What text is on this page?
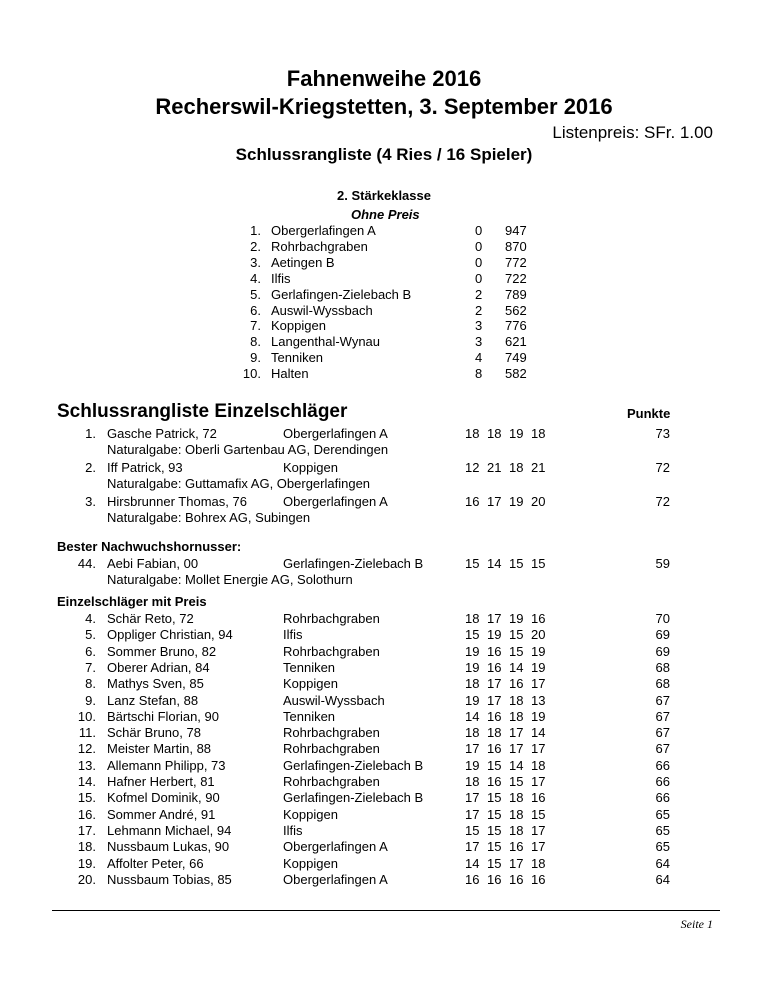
Fahnenweihe 2016
Recherswil-Kriegstetten, 3. September 2016
Listenpreis: SFr. 1.00
Schlussrangliste (4 Ries / 16 Spieler)
2. Stärkeklasse
Ohne Preis
1. Obergerlafingen A	0 947
2. Rohrbachgraben	0 870
3. Aetingen B	0 772
4. Ilfis	0 722
5. Gerlafingen-Zielebach B	2 789
6. Auswil-Wyssbach	2 562
7. Koppigen	3 776
8. Langenthal-Wynau	3 621
9. Tenniken	4 749
10. Halten	8 582
Schlussrangliste Einzelschläger	Punkte
1. Gasche Patrick, 72	Obergerlafingen A	18 18 19 18	73
Naturalgabe: Oberli Gartenbau AG, Derendingen
2. Iff Patrick, 93	Koppigen	12 21 18 21	72
Naturalgabe: Guttamafix AG, Obergerlafingen
3. Hirsbrunner Thomas, 76	Obergerlafingen A	16 17 19 20	72
Naturalgabe: Bohrex AG, Subingen
Bester Nachwuchshornusser:
44. Aebi Fabian, 00	Gerlafingen-Zielebach B	15 14 15 15	59
Naturalgabe: Mollet Energie AG, Solothurn
Einzelschläger mit Preis
4. Schär Reto, 72	Rohrbachgraben	18 17 19 16	70
5. Oppliger Christian, 94	Ilfis	15 19 15 20	69
6. Sommer Bruno, 82	Rohrbachgraben	19 16 15 19	69
7. Oberer Adrian, 84	Tenniken	19 16 14 19	68
8. Mathys Sven, 85	Koppigen	18 17 16 17	68
9. Lanz Stefan, 88	Auswil-Wyssbach	19 17 18 13	67
10. Bärtschi Florian, 90	Tenniken	14 16 18 19	67
11. Schär Bruno, 78	Rohrbachgraben	18 18 17 14	67
12. Meister Martin, 88	Rohrbachgraben	17 16 17 17	67
13. Allemann Philipp, 73	Gerlafingen-Zielebach B	19 15 14 18	66
14. Hafner Herbert, 81	Rohrbachgraben	18 16 15 17	66
15. Kofmel Dominik, 90	Gerlafingen-Zielebach B	17 15 18 16	66
16. Sommer André, 91	Koppigen	17 15 18 15	65
17. Lehmann Michael, 94	Ilfis	15 15 18 17	65
18. Nussbaum Lukas, 90	Obergerlafingen A	17 15 16 17	65
19. Affolter Peter, 66	Koppigen	14 15 17 18	64
20. Nussbaum Tobias, 85	Obergerlafingen A	16 16 16 16	64
Seite 1
